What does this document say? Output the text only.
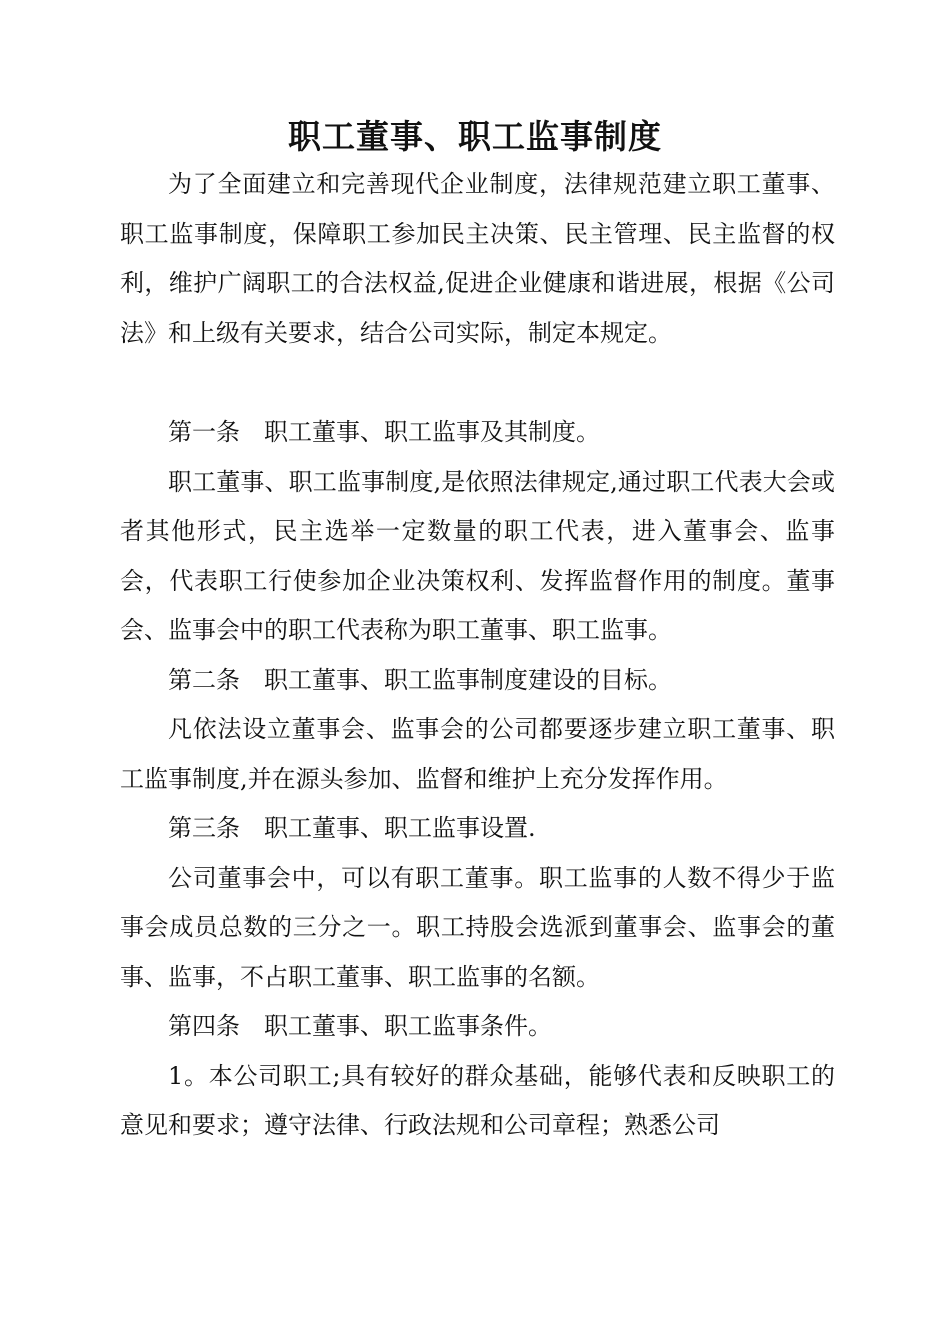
职工董事、职工监事制度

为了全面建立和完善现代企业制度，法律规范建立职工董事、职工监事制度，保障职工参加民主决策、民主管理、民主监督的权利，维护广阔职工的合法权益,促进企业健康和谐进展，根据《公司法》和上级有关要求，结合公司实际，制定本规定。

第一条　职工董事、职工监事及其制度。

职工董事、职工监事制度,是依照法律规定,通过职工代表大会或者其他形式，民主选举一定数量的职工代表，进入董事会、监事会，代表职工行使参加企业决策权利、发挥监督作用的制度。董事会、监事会中的职工代表称为职工董事、职工监事。

第二条　职工董事、职工监事制度建设的目标。

凡依法设立董事会、监事会的公司都要逐步建立职工董事、职工监事制度,并在源头参加、监督和维护上充分发挥作用。

第三条　职工董事、职工监事设置.

公司董事会中，可以有职工董事。职工监事的人数不得少于监事会成员总数的三分之一。职工持股会选派到董事会、监事会的董事、监事，不占职工董事、职工监事的名额。

第四条　职工董事、职工监事条件。

1。本公司职工;具有较好的群众基础，能够代表和反映职工的意见和要求；遵守法律、行政法规和公司章程；熟悉公司
